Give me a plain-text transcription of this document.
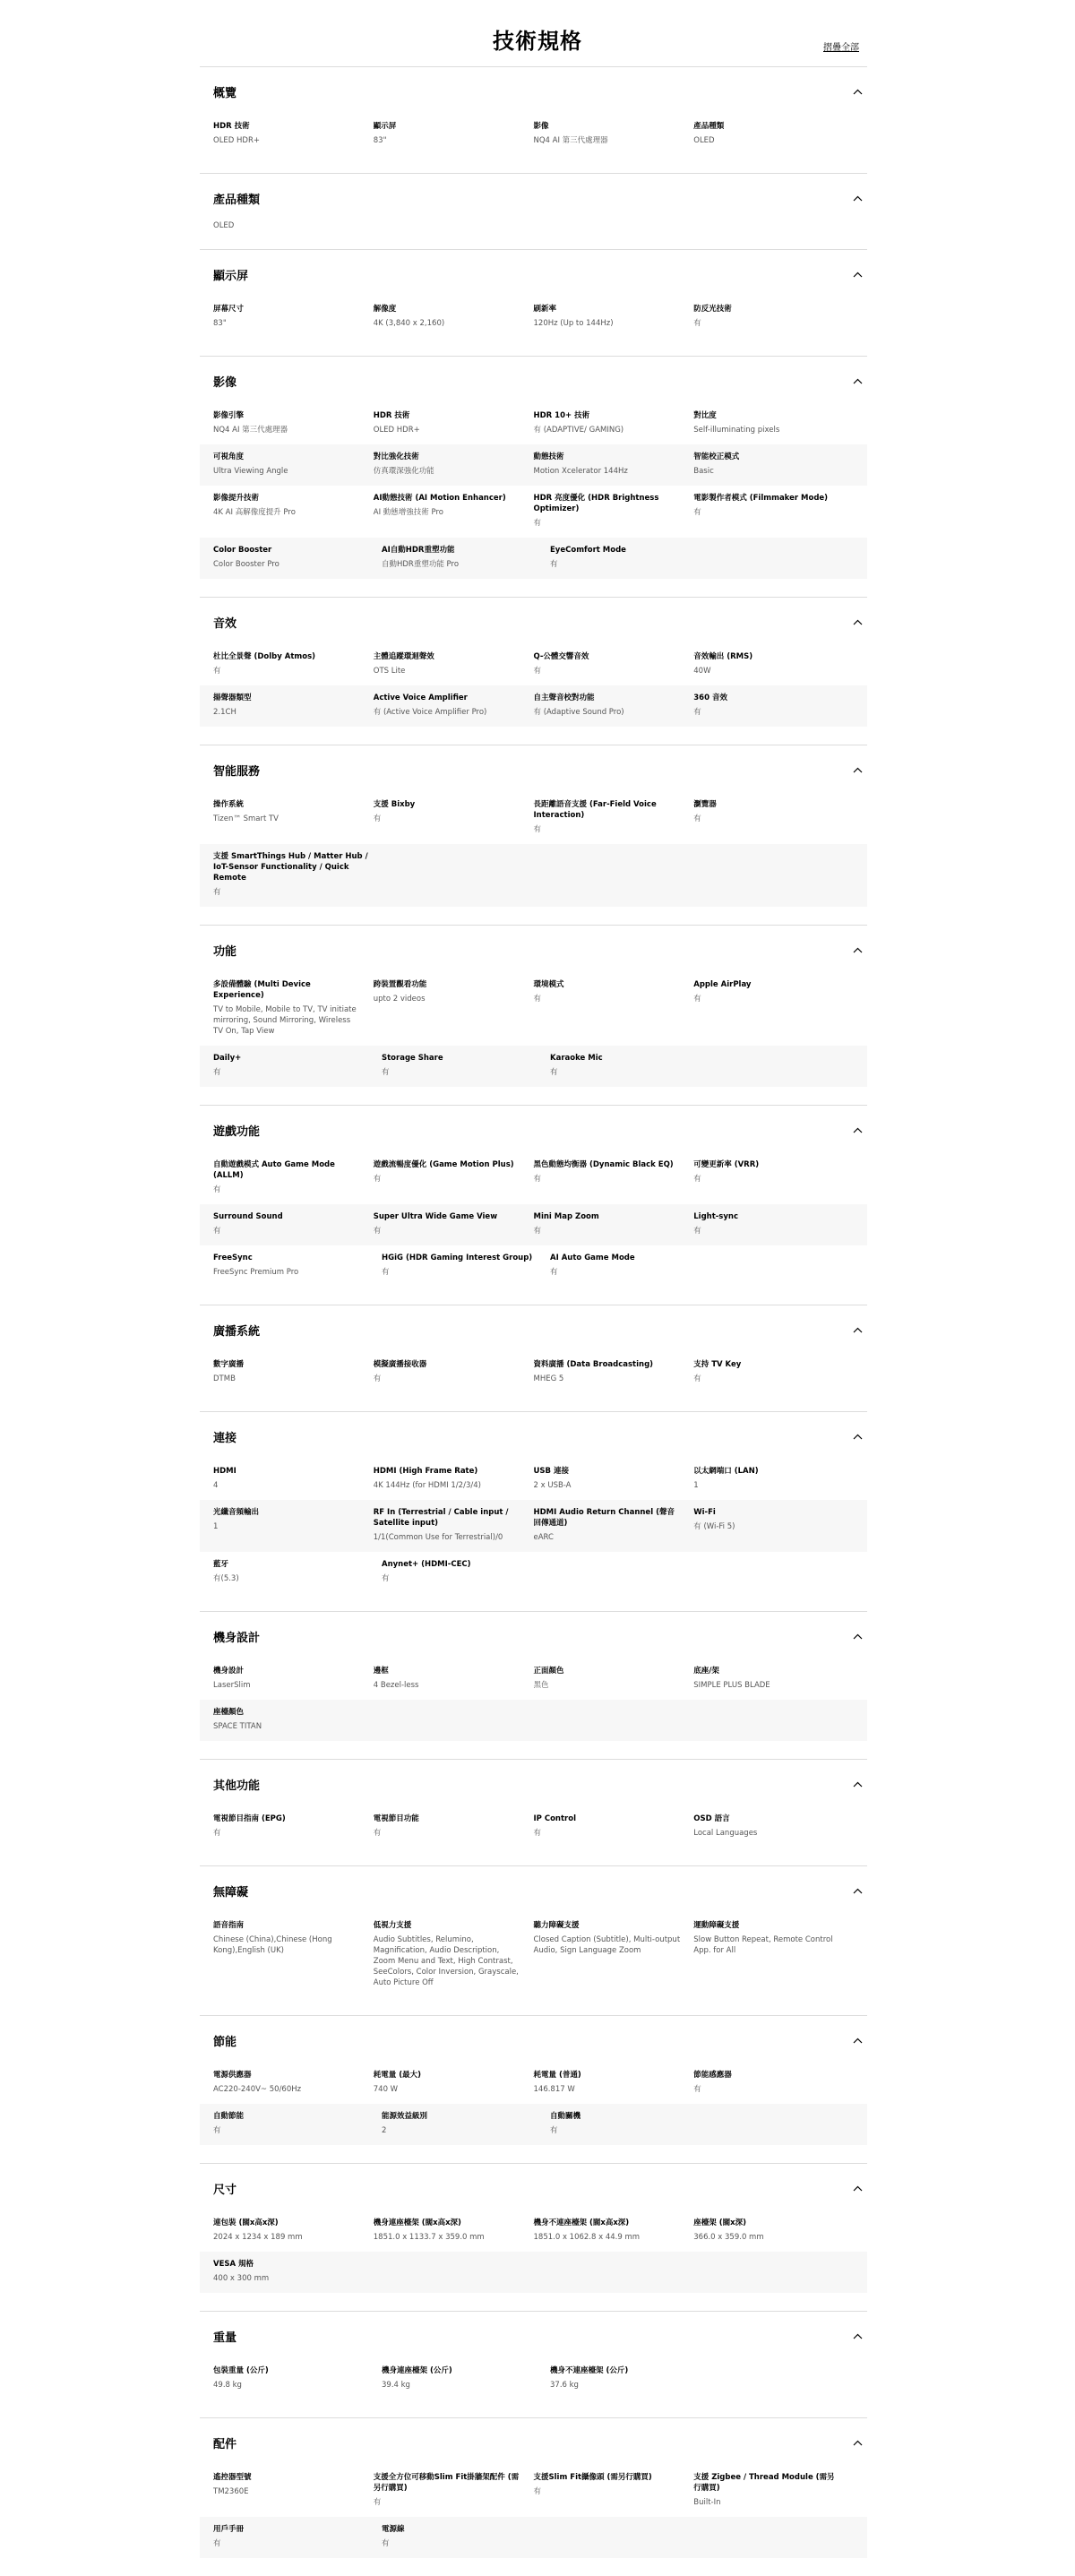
技術規格	摺疊全部
概覽
HDR 技術
OLED HDR+
顯示屏
83"
影像
NQ4 AI 第三代處理器
產品種類
OLED
產品種類
OLED
顯示屏
屏幕尺寸
83"
解像度
4K (3,840 x 2,160)
刷新率
120Hz (Up to 144Hz)
防反光技術
有
影像
影像引擎
NQ4 AI 第三代處理器
HDR 技術
OLED HDR+
HDR 10+ 技術
有 (ADAPTIVE/ GAMING)
對比度
Self-illuminating pixels
可視角度
Ultra Viewing Angle
對比強化技術
仿真環深強化功能
動態技術
Motion Xcelerator 144Hz
智能校正模式
Basic
影像提升技術
4K AI 高解像度提升 Pro
AI動態技術 (AI Motion Enhancer)
AI 動態增強技術 Pro
HDR 亮度優化 (HDR Brightness Optimizer)
有
電影製作者模式 (Filmmaker Mode)
有
Color Booster
Color Booster Pro
AI自動HDR重塑功能
自動HDR重塑功能 Pro
EyeComfort Mode
有
音效
杜比全景聲 (Dolby Atmos)
有
主體追蹤環迴聲效
OTS Lite
Q-公體交響音效
有
音效輸出 (RMS)
40W
揚聲器類型
2.1CH
Active Voice Amplifier
有 (Active Voice Amplifier Pro)
自主聲音校對功能
有 (Adaptive Sound Pro)
360 音效
有
智能服務
操作系統
Tizen™ Smart TV
支援 Bixby
有
長距離語音支援 (Far-Field Voice Interaction)
有
瀏覽器
有
支援 SmartThings Hub / Matter Hub / IoT-Sensor Functionality / Quick Remote
有
功能
多設備體驗 (Multi Device Experience)
TV to Mobile, Mobile to TV, TV initiate mirroring, Sound Mirroring, Wireless TV On, Tap View
跨裝置觀看功能
upto 2 videos
環境模式
有
Apple AirPlay
有
Daily+
有
Storage Share
有
Karaoke Mic
有
遊戲功能
自動遊戲模式 Auto Game Mode (ALLM)
有
遊戲流暢度優化 (Game Motion Plus)
有
黑色動態均衡器 (Dynamic Black EQ)
有
可變更新率 (VRR)
有
Surround Sound
有
Super Ultra Wide Game View
有
Mini Map Zoom
有
Light-sync
有
FreeSync
FreeSync Premium Pro
HGiG (HDR Gaming Interest Group)
有
AI Auto Game Mode
有
廣播系統
數字廣播
DTMB
模擬廣播接收器
有
資料廣播 (Data Broadcasting)
MHEG 5
支持 TV Key
有
連接
HDMI
4
HDMI (High Frame Rate)
4K 144Hz (for HDMI 1/2/3/4)
USB 連接
2 x USB-A
以太網端口 (LAN)
1
光纖音頻輸出
1
RF In (Terrestrial / Cable input / Satellite input)
1/1(Common Use for Terrestrial)/0
HDMI Audio Return Channel (聲音回傳通道)
eARC
Wi-Fi
有 (Wi-Fi 5)
藍牙
有(5.3)
Anynet+ (HDMI-CEC)
有
機身設計
機身設計
LaserSlim
邊框
4 Bezel-less
正面顏色
黑色
底座/架
SIMPLE PLUS BLADE
座檯顏色
SPACE TITAN
其他功能
電視節目指南 (EPG)
有
電視節目功能
有
IP Control
有
OSD 語言
Local Languages
無障礙
語音指南
Chinese (China),Chinese (Hong Kong),English (UK)
低視力支援
Audio Subtitles, Relumino, Magnification, Audio Description, Zoom Menu and Text, High Contrast, SeeColors, Color Inversion, Grayscale, Auto Picture Off
聽力障礙支援
Closed Caption (Subtitle), Multi-output Audio, Sign Language Zoom
運動障礙支援
Slow Button Repeat, Remote Control App. for All
節能
電源供應器
AC220-240V~ 50/60Hz
耗電量 (最大)
740 W
耗電量 (普通)
146.817 W
節能感應器
有
自動節能
有
能源效益級別
2
自動關機
有
尺寸
連包裝 (闊x高x深)
2024 x 1234 x 189 mm
機身連座檯架 (闊x高x深)
1851.0 x 1133.7 x 359.0 mm
機身不連座檯架 (闊x高x深)
1851.0 x 1062.8 x 44.9 mm
座檯架 (闊x深)
366.0 x 359.0 mm
VESA 規格
400 x 300 mm
重量
包裝重量 (公斤)
49.8 kg
機身連座檯架 (公斤)
39.4 kg
機身不連座檯架 (公斤)
37.6 kg
配件
遙控器型號
TM2360E
支援全方位可移動Slim Fit掛牆架配件 (需另行購買)
有
支援Slim Fit攝像頭 (需另行購買)
有
支援 Zigbee / Thread Module (需另行購買)
Built-In
用戶手冊
有
電源線
有
